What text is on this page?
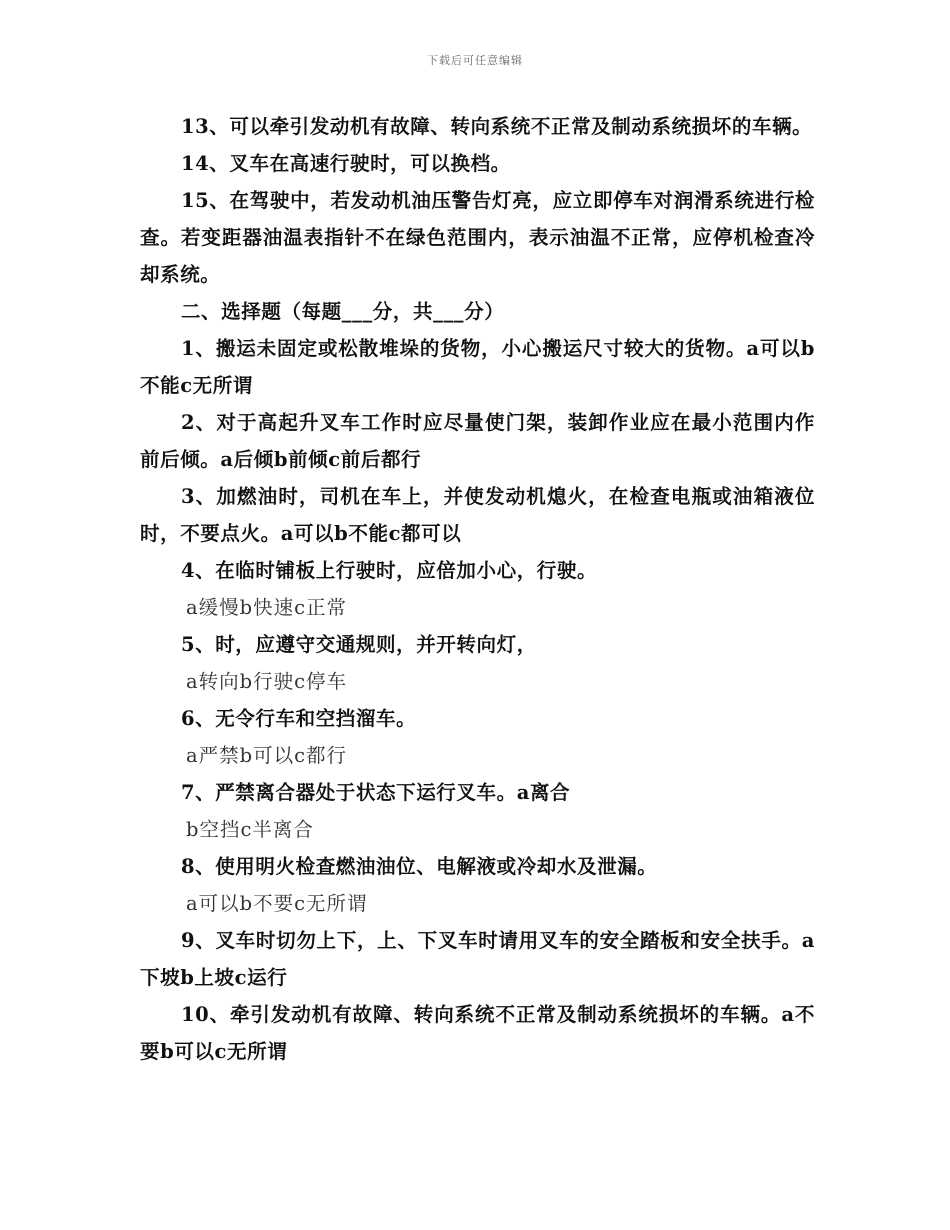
下载后可任意编辑

13、可以牵引发动机有故障、转向系统不正常及制动系统损坏的车辆。

14、叉车在高速行驶时，可以换档。

15、在驾驶中，若发动机油压警告灯亮，应立即停车对润滑系统进行检查。若变距器油温表指针不在绿色范围内，表示油温不正常，应停机检查冷却系统。

二、选择题（每题___分，共___分）

1、搬运未固定或松散堆垛的货物，小心搬运尺寸较大的货物。a可以b不能c无所谓

2、对于高起升叉车工作时应尽量使门架，装卸作业应在最小范围内作前后倾。a后倾b前倾c前后都行

3、加燃油时，司机在车上，并使发动机熄火，在检查电瓶或油箱液位时，不要点火。a可以b不能c都可以

4、在临时铺板上行驶时，应倍加小心，行驶。

a缓慢b快速c正常

5、时，应遵守交通规则，并开转向灯，

a转向b行驶c停车

6、无令行车和空挡溜车。

a严禁b可以c都行

7、严禁离合器处于状态下运行叉车。a离合

b空挡c半离合

8、使用明火检查燃油油位、电解液或冷却水及泄漏。

a可以b不要c无所谓

9、叉车时切勿上下，上、下叉车时请用叉车的安全踏板和安全扶手。a下坡b上坡c运行

10、牵引发动机有故障、转向系统不正常及制动系统损坏的车辆。a不要b可以c无所谓
